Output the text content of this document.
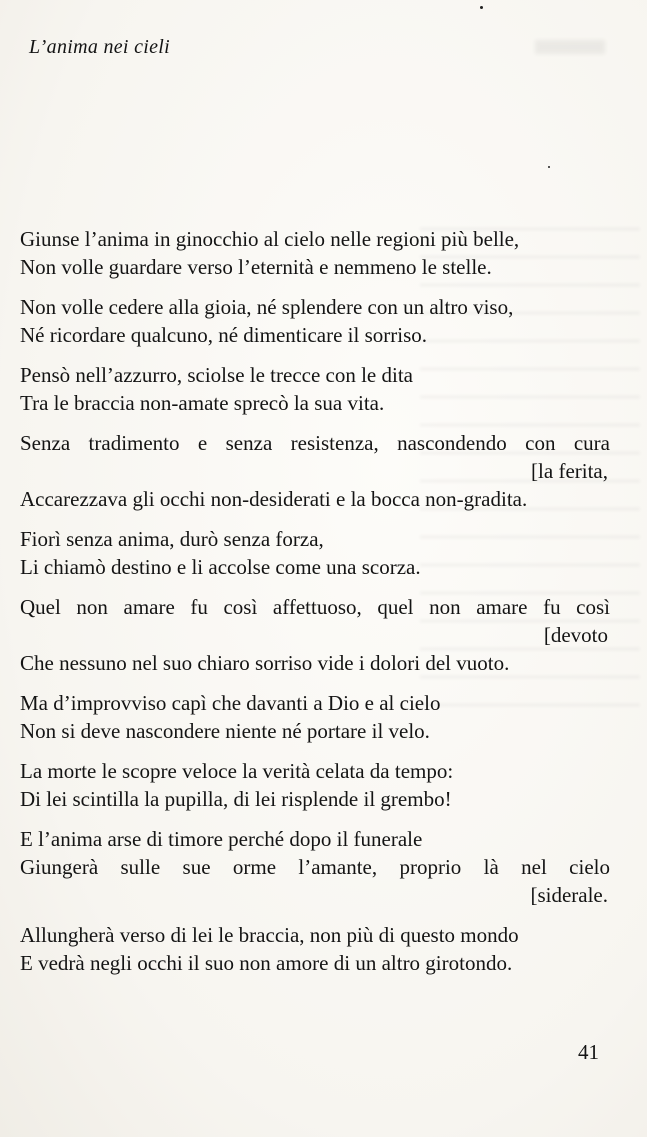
L’anima nei cieli
Giunse l’anima in ginocchio al cielo nelle regioni più belle,
Non volle guardare verso l’eternità e nemmeno le stelle.
Non volle cedere alla gioia, né splendere con un altro viso,
Né ricordare qualcuno, né dimenticare il sorriso.
Pensò nell’azzurro, sciolse le trecce con le dita
Tra le braccia non-amate sprecò la sua vita.
Senza tradimento e senza resistenza, nascondendo con cura
[la ferita,
Accarezzava gli occhi non-desiderati e la bocca non-gradita.
Fiorì senza anima, durò senza forza,
Li chiamò destino e li accolse come una scorza.
Quel non amare fu così affettuoso, quel non amare fu così
[devoto
Che nessuno nel suo chiaro sorriso vide i dolori del vuoto.
Ma d’improvviso capì che davanti a Dio e al cielo
Non si deve nascondere niente né portare il velo.
La morte le scopre veloce la verità celata da tempo:
Di lei scintilla la pupilla, di lei risplende il grembo!
E l’anima arse di timore perché dopo il funerale
Giungerà sulle sue orme l’amante, proprio là nel cielo
[siderale.
Allungherà verso di lei le braccia, non più di questo mondo
E vedrà negli occhi il suo non amore di un altro girotondo.
41
